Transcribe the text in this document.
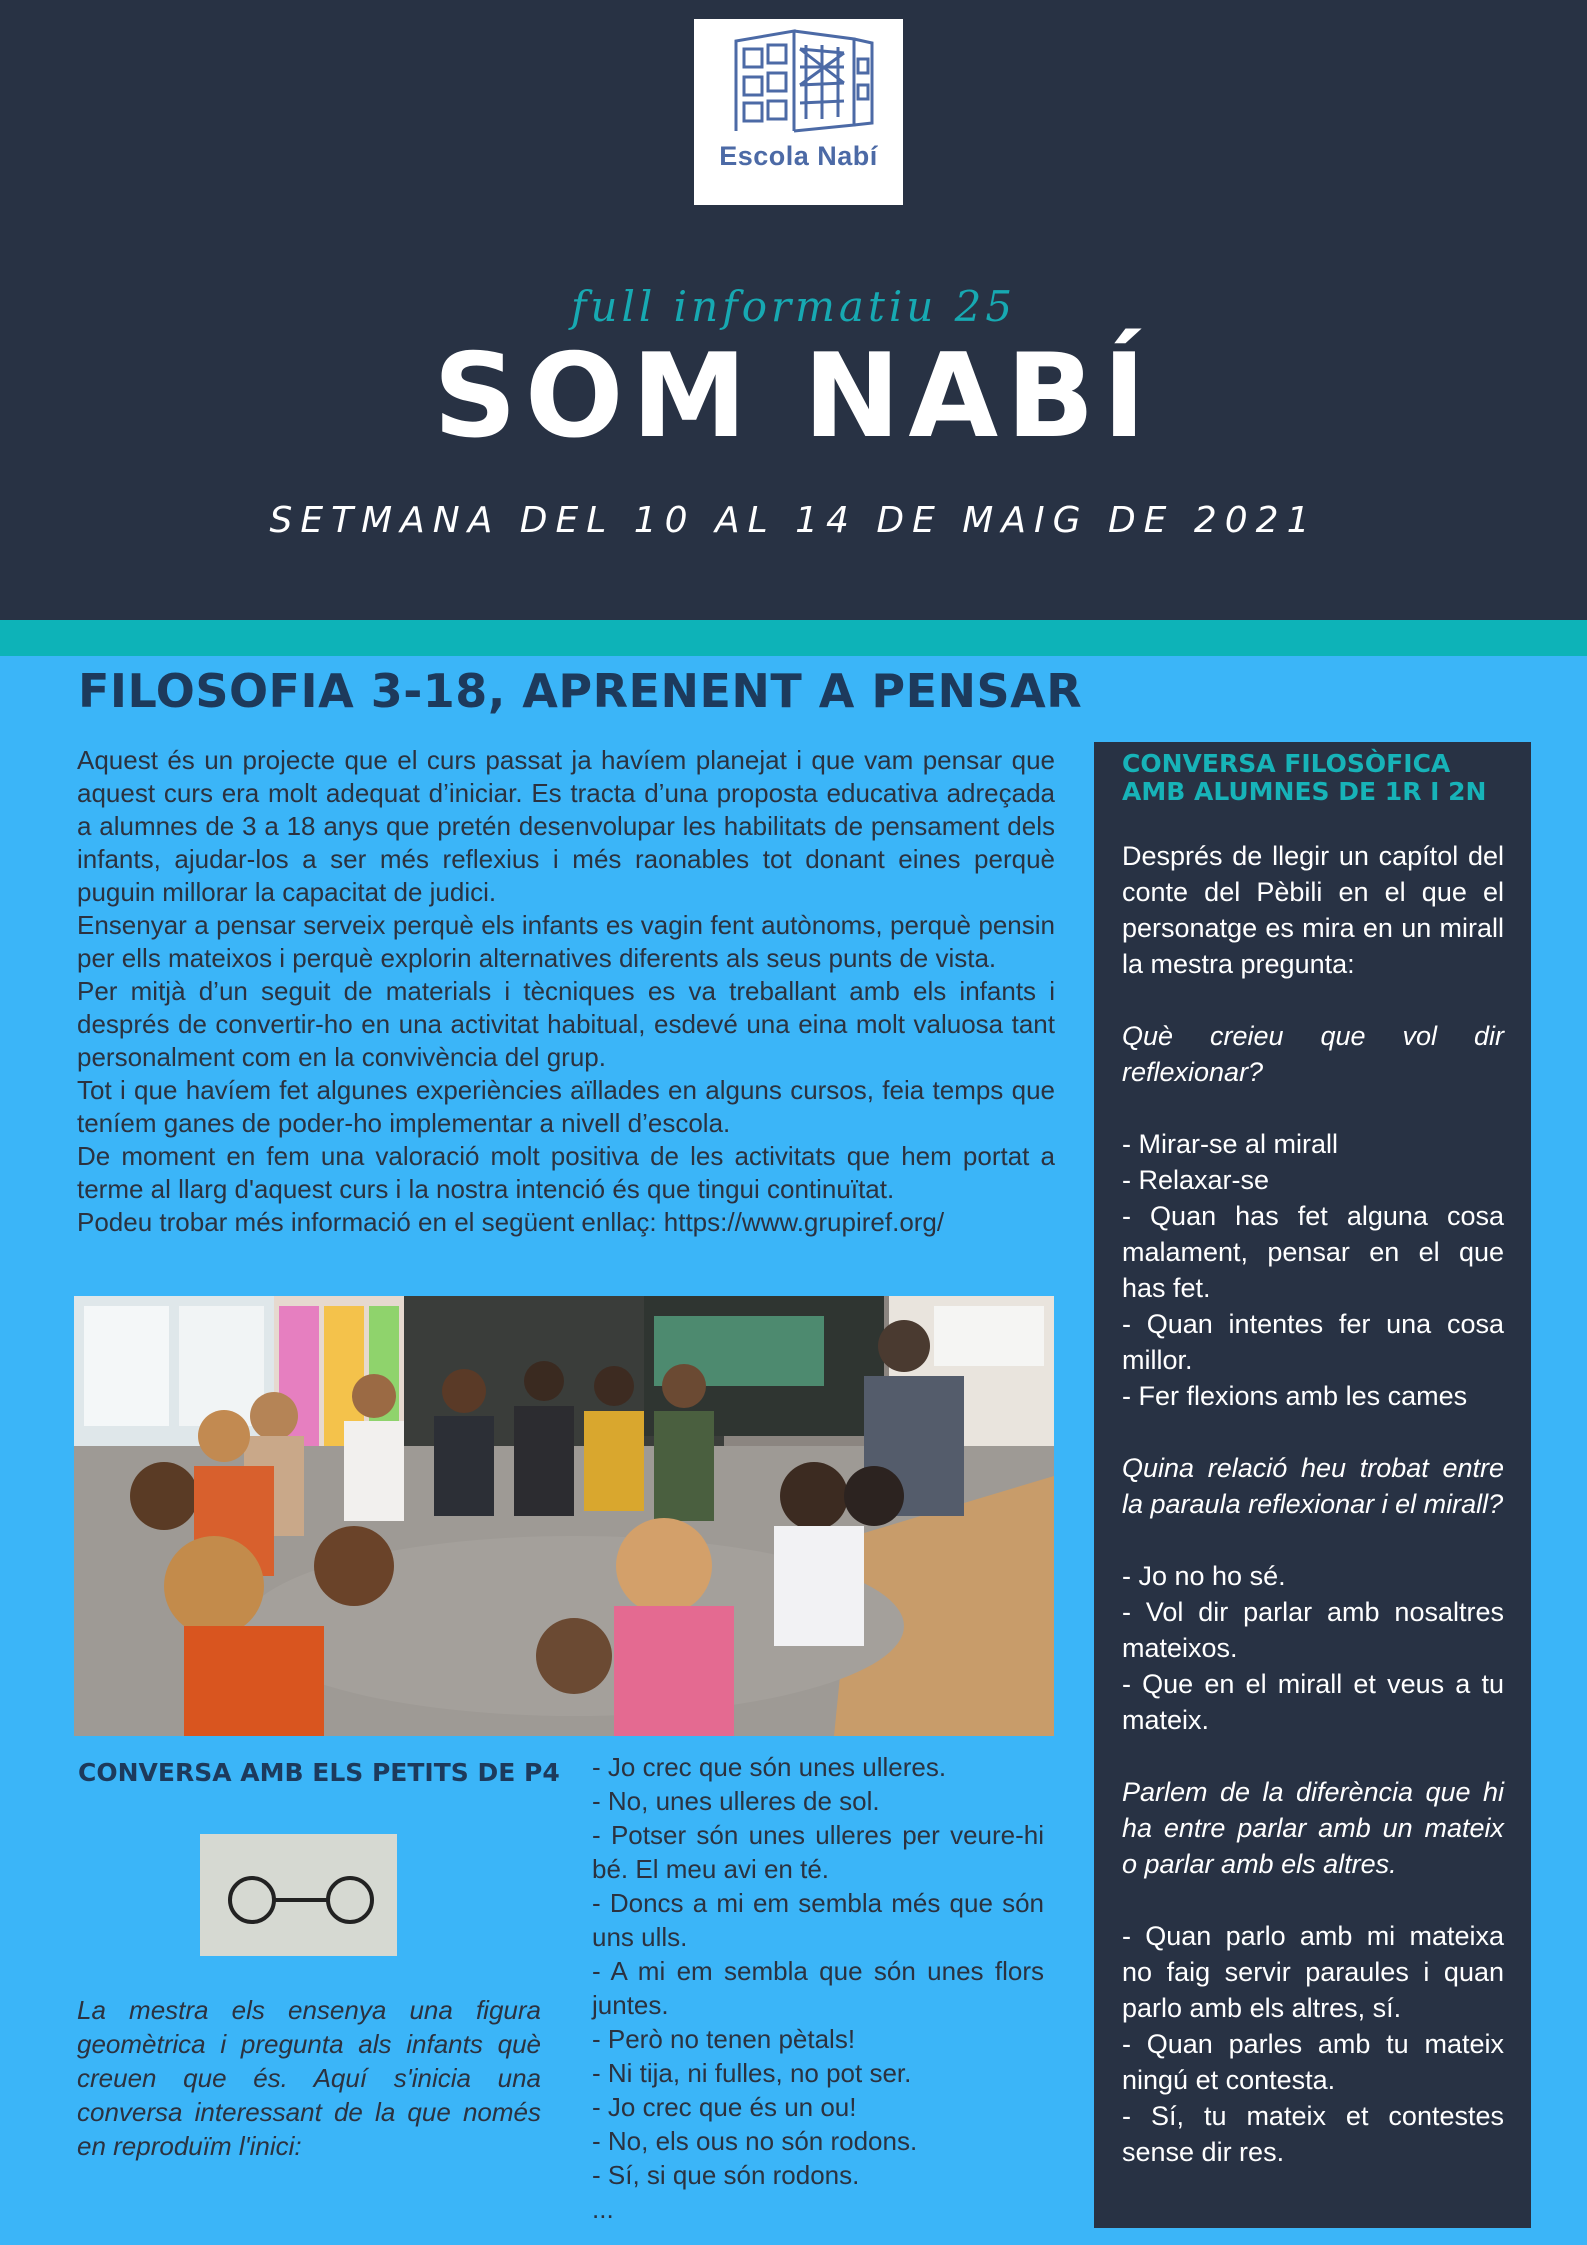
Escola Nabí
full informatiu 25
SOM NABÍ
SETMANA DEL 10 AL 14 DE MAIG DE 2021
FILOSOFIA 3-18, APRENENT A PENSAR

Aquest és un projecte que el curs passat ja havíem planejat i que vam pensar que aquest curs era molt adequat d’iniciar. Es tracta d’una proposta educativa adreçada a alumnes de 3 a 18 anys que pretén desenvolupar les habilitats de pensament dels infants, ajudar-los a ser més reflexius i més raonables tot donant eines perquè puguin millorar la capacitat de judici.

Ensenyar a pensar serveix perquè els infants es vagin fent autònoms, perquè pensin per ells mateixos i perquè explorin alternatives diferents als seus punts de vista.

Per mitjà d’un seguit de materials i tècniques es va treballant amb els infants i després de convertir-ho en una activitat habitual, esdevé una eina molt valuosa tant personalment com en la convivència del grup.

Tot i que havíem fet algunes experiències aïllades en alguns cursos, feia temps que teníem ganes de poder-ho implementar a nivell d’escola.

De moment en fem una valoració molt positiva de les activitats que hem portat a terme al llarg d'aquest curs i la nostra intenció és que tingui continuïtat.

Podeu trobar més informació en el següent enllaç: https://www.grupiref.org/

CONVERSA AMB ELS PETITS DE P4
La mestra els ensenya una figura geomètrica i pregunta als infants què creuen que és. Aquí s'inicia una conversa interessant de la que només en reproduïm l'inici:
- Jo crec que són unes ulleres.
- No, unes ulleres de sol.
- Potser són unes ulleres per veure-hi bé. El meu avi en té.
- Doncs a mi em sembla més que són uns ulls.
- A mi em sembla que són unes flors juntes.
- Però no tenen pètals!
- Ni tija, ni fulles, no pot ser.
- Jo crec que és un ou!
- No, els ous no són rodons.
- Sí, si que són rodons.
...
CONVERSA FILOSÒFICA
AMB ALUMNES DE 1R I 2N
Després de llegir un capítol del conte del Pèbili en el que el personatge es mira en un mirall la mestra pregunta:
Què creieu que vol dir reflexionar?
- Mirar-se al mirall
- Relaxar-se
- Quan has fet alguna cosa malament, pensar en el que has fet.
- Quan intentes fer una cosa millor.
- Fer flexions amb les cames
Quina relació heu trobat entre la paraula reflexionar i el mirall?
- Jo no ho sé.
- Vol dir parlar amb nosaltres mateixos.
- Que en el mirall et veus a tu mateix.
Parlem de la diferència que hi ha entre parlar amb un mateix o parlar amb els altres.
- Quan parlo amb mi mateixa no faig servir paraules i quan parlo amb els altres, sí.
- Quan parles amb tu mateix ningú et contesta.
- Sí, tu mateix et contestes sense dir res.
